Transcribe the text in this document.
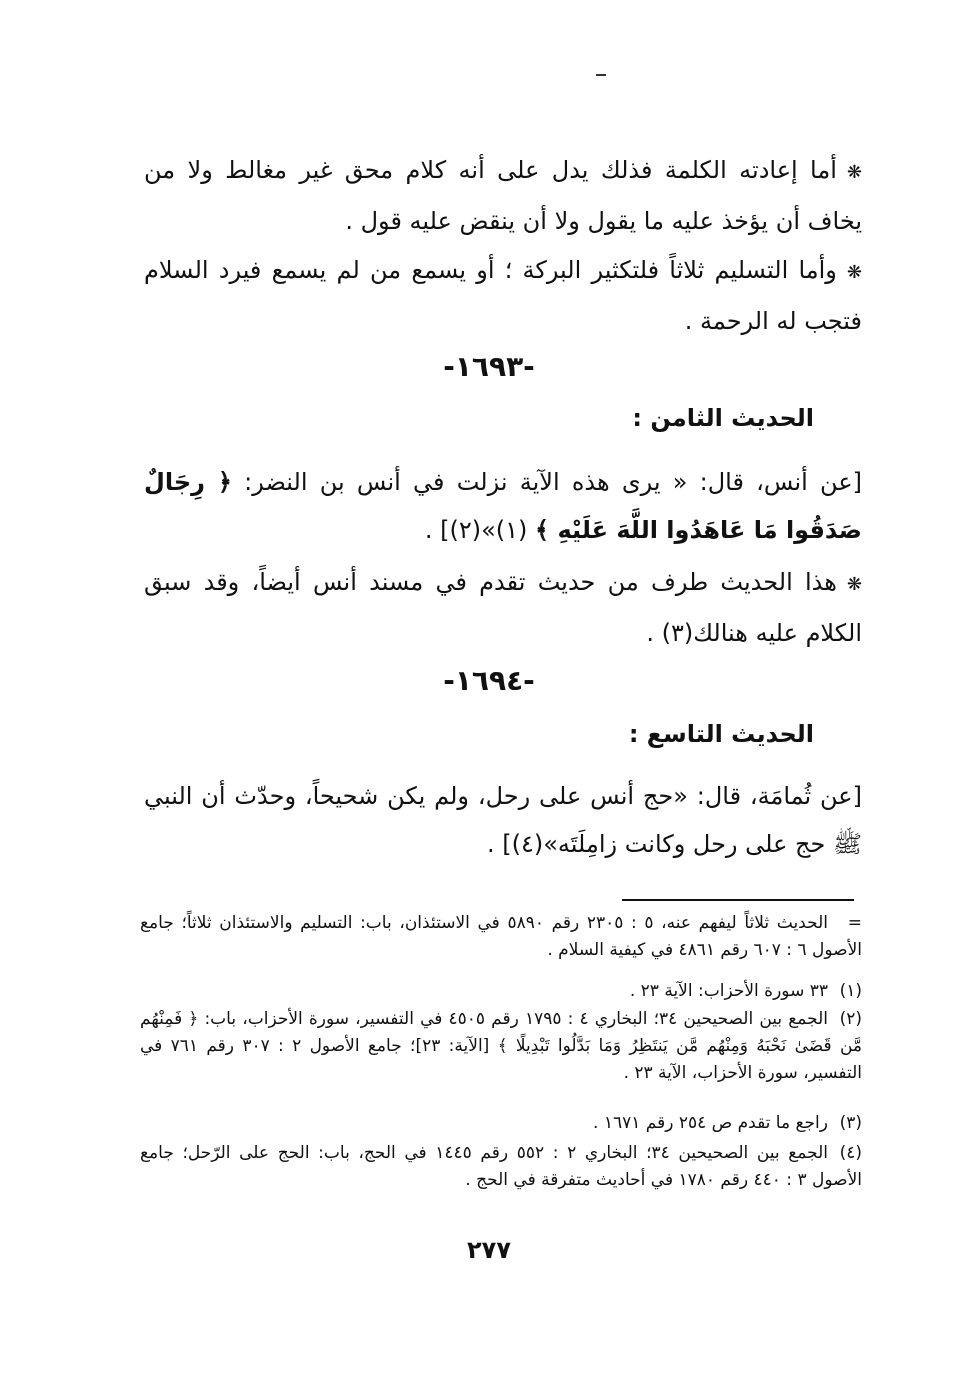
❋أما إعادته الكلمة فذلك يدل على أنه كلام محق غير مغالط ولا من يخاف أن يؤخذ عليه ما يقول ولا أن ينقض عليه قول .
❋وأما التسليم ثلاثاً فلتكثير البركة ؛ أو يسمع من لم يسمع فيرد السلام فتجب له الرحمة .
-١٦٩٣-
الحديث الثامن :
[عن أنس، قال: « يرى هذه الآية نزلت في أنس بن النضر: ﴿ رِجَالٌ صَدَقُوا مَا عَاهَدُوا اللَّهَ عَلَيْهِ ﴾ (١)»(٢)] .
❋هذا الحديث طرف من حديث تقدم في مسند أنس أيضاً، وقد سبق الكلام عليه هنالك(٣) .
-١٦٩٤-
الحديث التاسع :
[عن ثُمامَة، قال: «حج أنس على رحل، ولم يكن شحيحاً، وحدّث أن النبي ﷺ حج على رحل وكانت زامِلَتَه»(٤)] .
=الحديث ثلاثاً ليفهم عنه، ٥ : ٢٣٠٥ رقم ٥٨٩٠ في الاستئذان، باب: التسليم والاستئذان ثلاثاً؛ جامع الأصول ٦ : ٦٠٧ رقم ٤٨٦١ في كيفية السلام .
(١)٣٣ سورة الأحزاب: الآية ٢٣ .
(٢)الجمع بين الصحيحين ٣٤؛ البخاري ٤ : ١٧٩٥ رقم ٤٥٠٥ في التفسير، سورة الأحزاب، باب: ﴿ فَمِنْهُم مَّن قَضَىٰ نَحْبَهُ وَمِنْهُم مَّن يَنتَظِرُ وَمَا بَدَّلُوا تَبْدِيلًا ﴾ [الآية: ٢٣]؛ جامع الأصول ٢ : ٣٠٧ رقم ٧٦١ في التفسير، سورة الأحزاب، الآية ٢٣ .
(٣)راجع ما تقدم ص ٢٥٤ رقم ١٦٧١ .
(٤)الجمع بين الصحيحين ٣٤؛ البخاري ٢ : ٥٥٢ رقم ١٤٤٥ في الحج، باب: الحج على الرّحل؛ جامع الأصول ٣ : ٤٤٠ رقم ١٧٨٠ في أحاديث متفرقة في الحج .
٢٧٧
